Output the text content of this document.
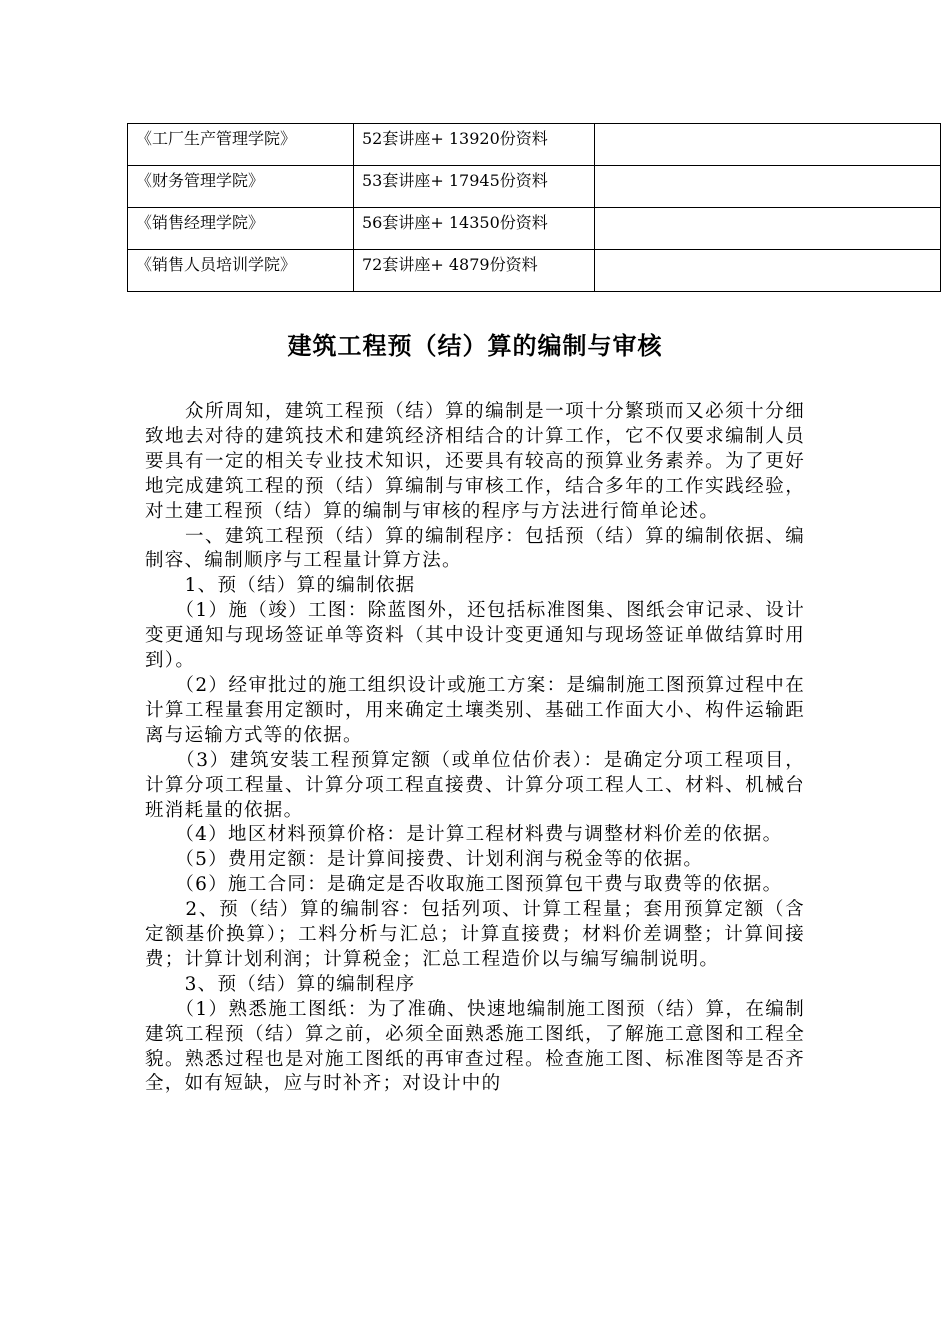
《工厂生产管理学院》	52套讲座+ 13920份资料	
《财务管理学院》	53套讲座+ 17945份资料	
《销售经理学院》	56套讲座+ 14350份资料	
《销售人员培训学院》	72套讲座+ 4879份资料	
建筑工程预（结）算的编制与审核

　　众所周知，建筑工程预（结）算的编制是一项十分繁琐而又必须十分细致地去对待的建筑技术和建筑经济相结合的计算工作，它不仅要求编制人员要具有一定的相关专业技术知识，还要具有较高的预算业务素养。为了更好地完成建筑工程的预（结）算编制与审核工作，结合多年的工作实践经验，对土建工程预（结）算的编制与审核的程序与方法进行简单论述。

　　一、建筑工程预（结）算的编制程序：包括预（结）算的编制依据、编制容、编制顺序与工程量计算方法。

　　1、预（结）算的编制依据

　　（1）施（竣）工图：除蓝图外，还包括标准图集、图纸会审记录、设计变更通知与现场签证单等资料（其中设计变更通知与现场签证单做结算时用到）。

　　（2）经审批过的施工组织设计或施工方案：是编制施工图预算过程中在计算工程量套用定额时，用来确定土壤类别、基础工作面大小、构件运输距离与运输方式等的依据。

　　（3）建筑安装工程预算定额（或单位估价表）：是确定分项工程项目，计算分项工程量、计算分项工程直接费、计算分项工程人工、材料、机械台班消耗量的依据。

　　（4）地区材料预算价格：是计算工程材料费与调整材料价差的依据。

　　（5）费用定额：是计算间接费、计划利润与税金等的依据。

　　（6）施工合同：是确定是否收取施工图预算包干费与取费等的依据。

　　2、预（结）算的编制容：包括列项、计算工程量；套用预算定额（含定额基价换算）；工料分析与汇总；计算直接费；材料价差调整；计算间接费；计算计划利润；计算税金；汇总工程造价以与编写编制说明。

　　3、预（结）算的编制程序

　　（1）熟悉施工图纸：为了准确、快速地编制施工图预（结）算，在编制建筑工程预（结）算之前，必须全面熟悉施工图纸，了解施工意图和工程全貌。熟悉过程也是对施工图纸的再审查过程。检查施工图、标准图等是否齐全，如有短缺，应与时补齐；对设计中的
